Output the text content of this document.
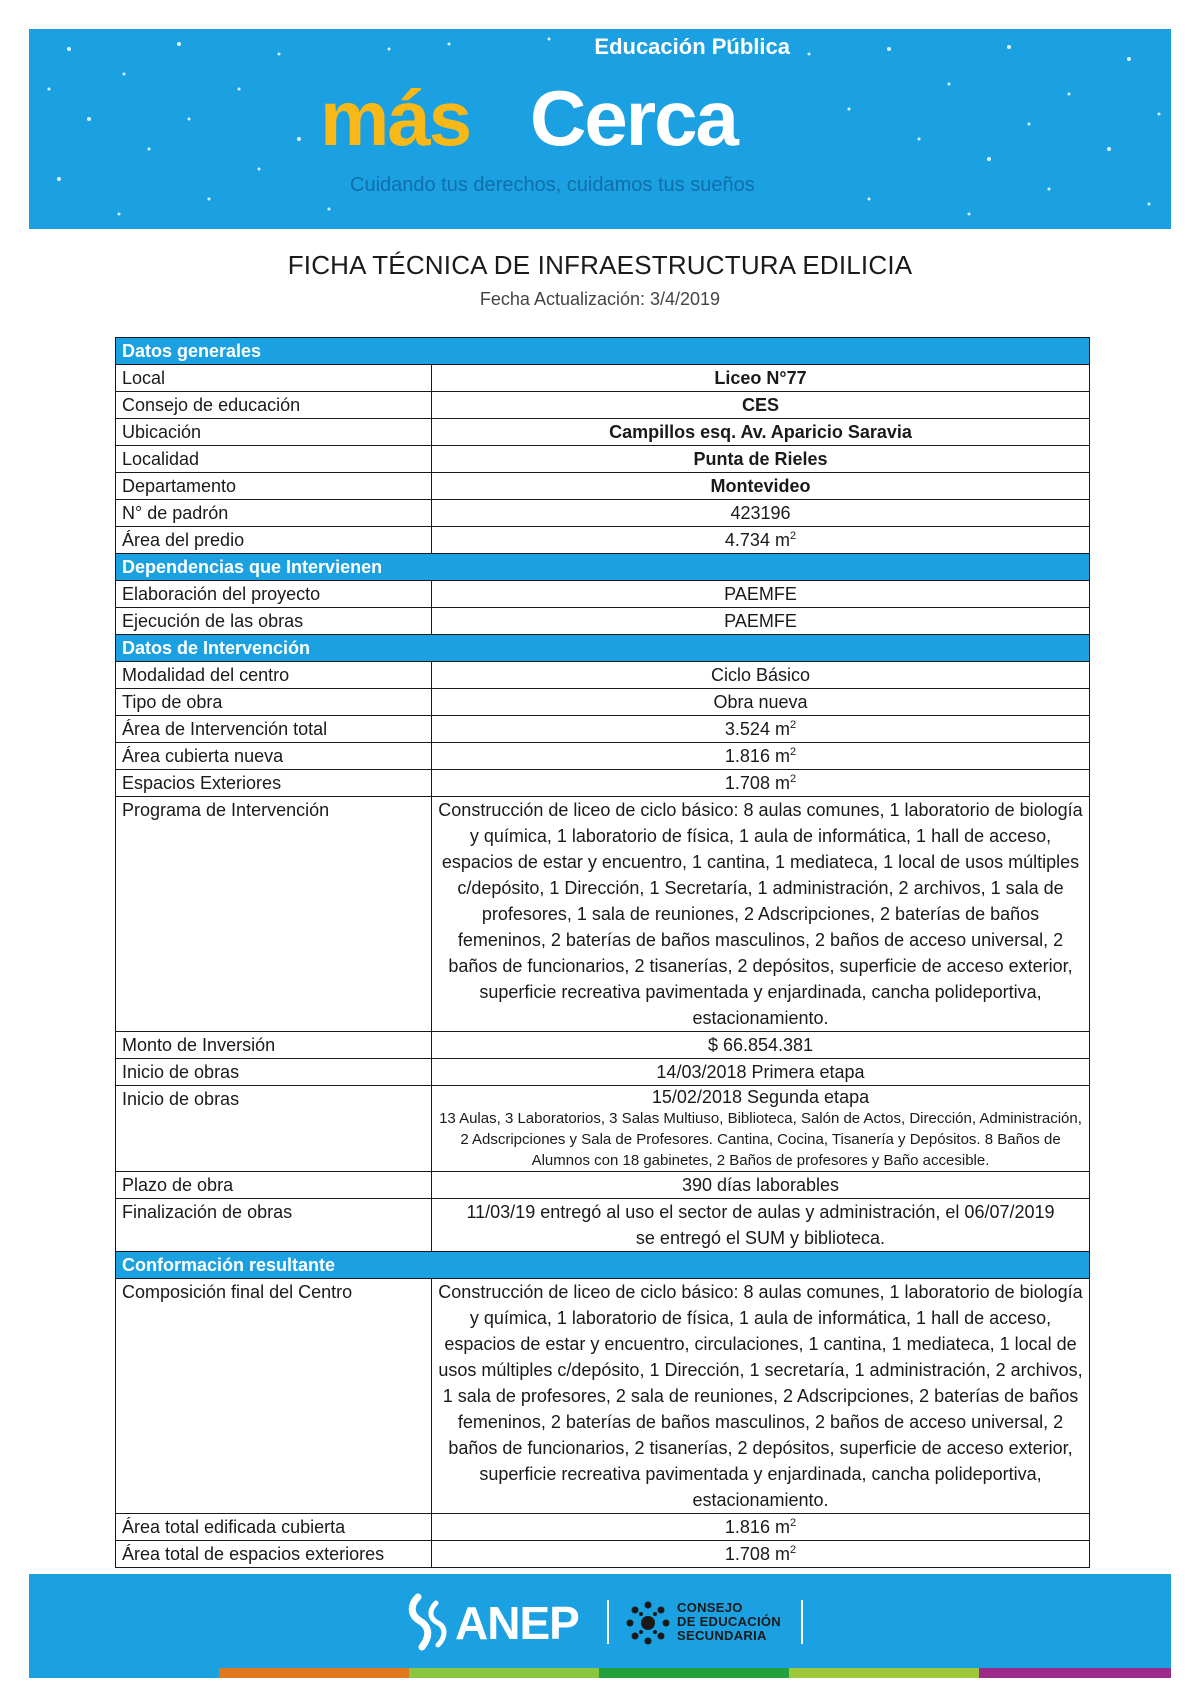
Educación Pública
más Cerca
Cuidando tus derechos, cuidamos tus sueños
FICHA TÉCNICA DE INFRAESTRUCTURA EDILICIA
Fecha Actualización: 3/4/2019
Datos generales	
Local	Liceo N°77
Consejo de educación	CES
Ubicación	Campillos esq. Av. Aparicio Saravia
Localidad	Punta de Rieles
Departamento	Montevideo
N° de padrón	423196
Área del predio	4.734 $m^2$
Dependencias que Intervienen	
Elaboración del proyecto	PAEMFE
Ejecución de las obras	PAEMFE
Datos de Intervención	
Modalidad del centro	Ciclo Básico
Tipo de obra	Obra nueva
Área de Intervención total	3.524 $m^2$
Área cubierta nueva	1.816 $m^2$
Espacios Exteriores	1.708 $m^2$
Programa de Intervención	Construcción de liceo de ciclo básico: 8 aulas comunes, 1 laboratorio de biología y química, 1 laboratorio de física, 1 aula de informática, 1 hall de acceso, espacios de estar y encuentro, 1 cantina, 1 mediateca, 1 local de usos múltiples c/depósito, 1 Dirección, 1 Secretaría, 1 administración, 2 archivos, 1 sala de profesores, 1 sala de reuniones, 2 Adscripciones, 2 baterías de baños femeninos, 2 baterías de baños masculinos, 2 baños de acceso universal, 2 baños de funcionarios, 2 tisanerías, 2 depósitos, superficie de acceso exterior, superficie recreativa pavimentada y enjardinada, cancha polideportiva, estacionamiento.
Monto de Inversión	$ 66.854.381
Inicio de obras	14/03/2018 Primera etapa
Inicio de obras	15/02/2018 Segunda etapa
13 Aulas, 3 Laboratorios, 3 Salas Multiuso, Biblioteca, Salón de Actos, Dirección, Administración, 2 Adscripciones y Sala de Profesores. Cantina, Cocina, Tisanería y Depósitos. 8 Baños de Alumnos con 18 gabinetes, 2 Baños de profesores y Baño accesible.

Plazo de obra	390 días laborables
Finalización de obras	11/03/19 entregó al uso el sector de aulas y administración, el 06/07/2019 se entregó el SUM y biblioteca.
Conformación resultante	
Composición final del Centro	Construcción de liceo de ciclo básico: 8 aulas comunes, 1 laboratorio de biología y química, 1 laboratorio de física, 1 aula de informática, 1 hall de acceso, espacios de estar y encuentro, circulaciones, 1 cantina, 1 mediateca, 1 local de usos múltiples c/depósito, 1 Dirección, 1 secretaría, 1 administración, 2 archivos, 1 sala de profesores, 2 sala de reuniones, 2 Adscripciones, 2 baterías de baños femeninos, 2 baterías de baños masculinos, 2 baños de acceso universal, 2 baños de funcionarios, 2 tisanerías, 2 depósitos, superficie de acceso exterior, superficie recreativa pavimentada y enjardinada, cancha polideportiva, estacionamiento.
Área total edificada cubierta	1.816 $m^2$
Área total de espacios exteriores	1.708 $m^2$
ANEP	CONSEJO
DE EDUCACIÓN
SECUNDARIA
